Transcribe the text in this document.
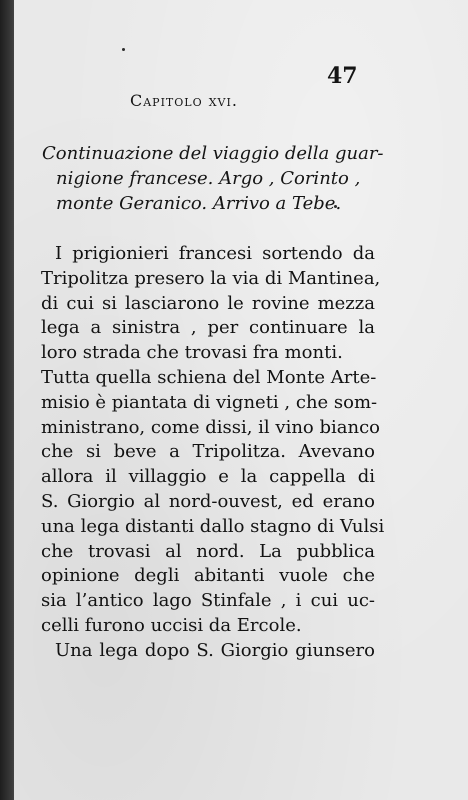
47
Capitolo xvi.
Continuazione del viaggio della guar-
nigione francese. Argo , Corinto ,
monte Geranico. Arrivo a Tebe.
I prigionieri francesi sortendo da
Tripolitza presero la via di Mantinea,
di cui si lasciarono le rovine mezza
lega a sinistra , per continuare la
loro strada che trovasi fra monti.
Tutta quella schiena del Monte Arte-
misio è piantata di vigneti , che som-
ministrano, come dissi, il vino bianco
che si beve a Tripolitza. Avevano
allora il villaggio e la cappella di
S. Giorgio al nord-ouvest, ed erano
una lega distanti dallo stagno di Vulsi
che trovasi al nord. La pubblica
opinione degli abitanti vuole che
sia l’antico lago Stinfale , i cui uc-
celli furono uccisi da Ercole.
Una lega dopo S. Giorgio giunsero
